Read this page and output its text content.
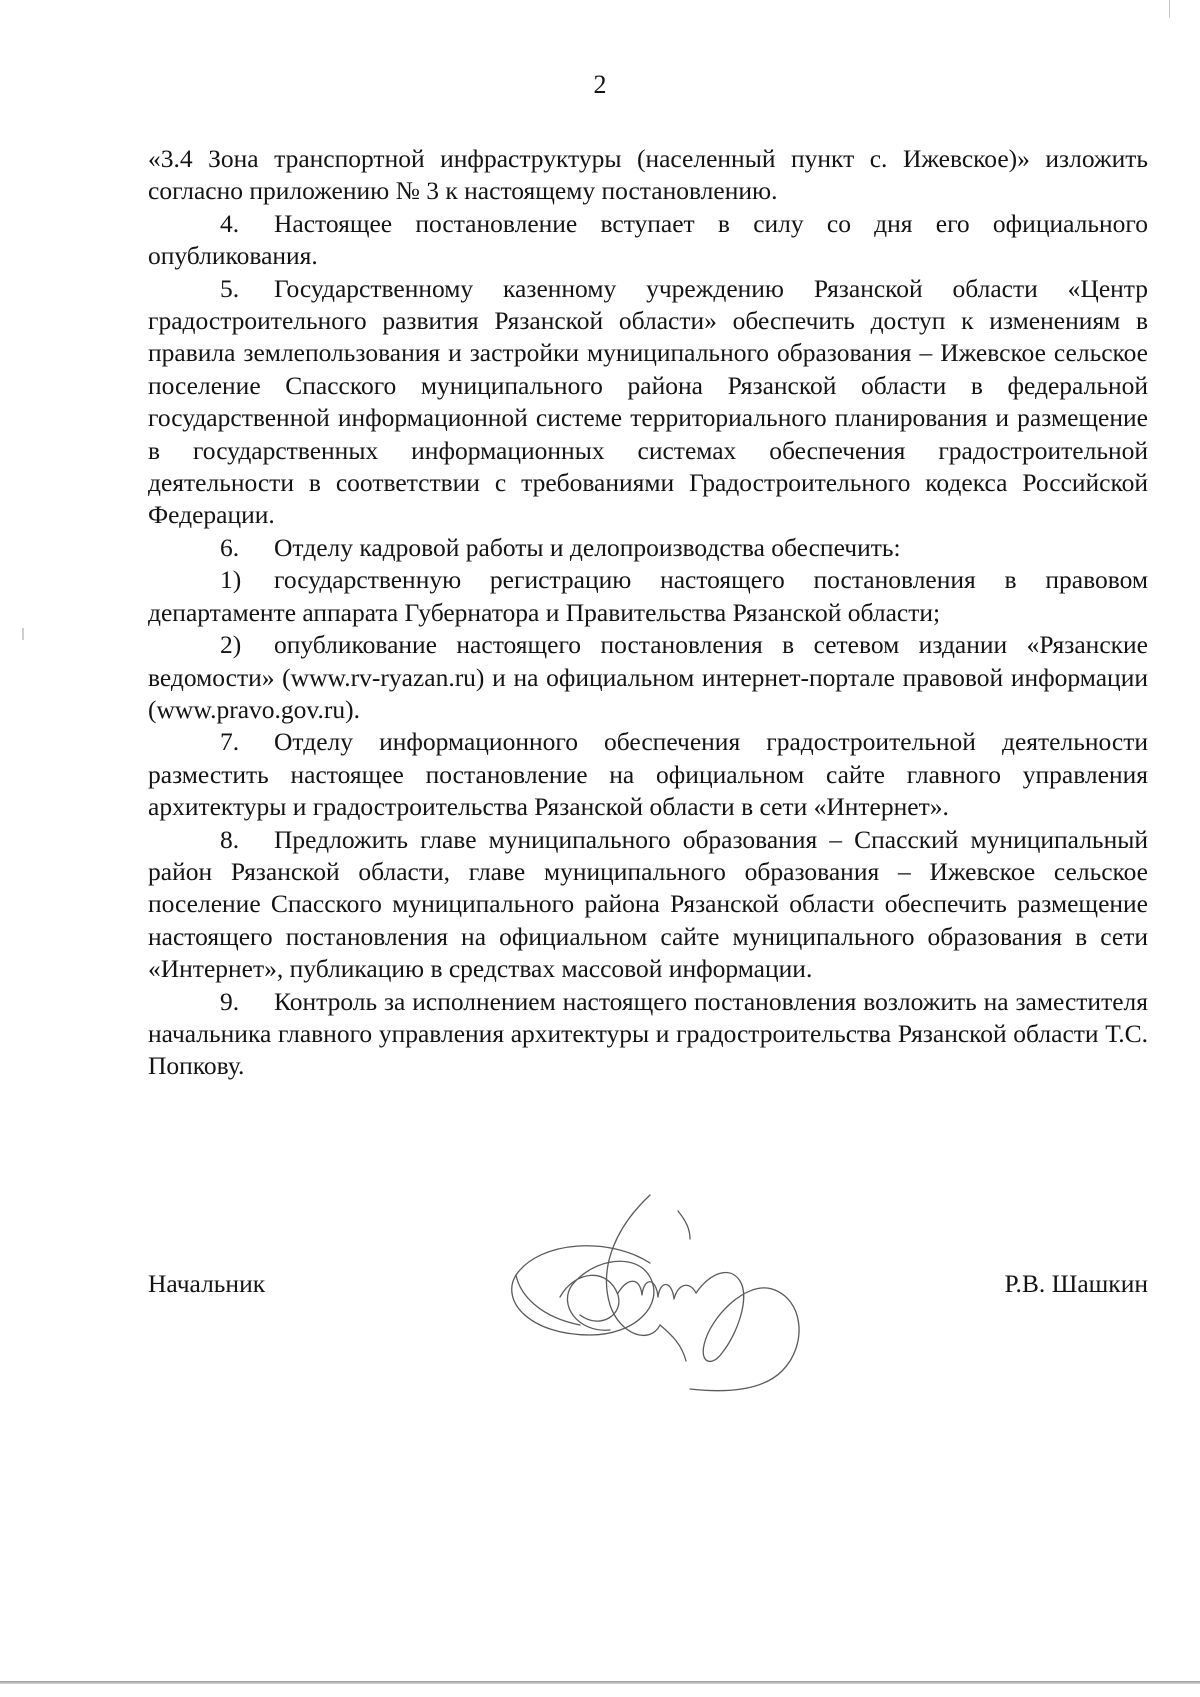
2

«3.4 Зона транспортной инфраструктуры (населенный пункт с. Ижевское)» изложить согласно приложению № 3 к настоящему постановлению.

4. Настоящее постановление вступает в силу со дня его официального опубликования.

5. Государственному казенному учреждению Рязанской области «Центр градостроительного развития Рязанской области» обеспечить доступ к изменениям в правила землепользования и застройки муниципального образования – Ижевское сельское поселение Спасского муниципального района Рязанской области в федеральной государственной информационной системе территориального планирования и размещение в государственных информационных системах обеспечения градостроительной деятельности в соответствии с требованиями Градостроительного кодекса Российской Федерации.

6. Отделу кадровой работы и делопроизводства обеспечить:

1) государственную регистрацию настоящего постановления в правовом департаменте аппарата Губернатора и Правительства Рязанской области;

2) опубликование настоящего постановления в сетевом издании «Рязанские ведомости» (www.rv-ryazan.ru) и на официальном интернет-портале правовой информации (www.pravo.gov.ru).

7. Отделу информационного обеспечения градостроительной деятельности разместить настоящее постановление на официальном сайте главного управления архитектуры и градостроительства Рязанской области в сети «Интернет».

8. Предложить главе муниципального образования – Спасский муниципальный район Рязанской области, главе муниципального образования – Ижевское сельское поселение Спасского муниципального района Рязанской области обеспечить размещение настоящего постановления на официальном сайте муниципального образования в сети «Интернет», публикацию в средствах массовой информации.

9. Контроль за исполнением настоящего постановления возложить на заместителя начальника главного управления архитектуры и градостроительства Рязанской области Т.С. Попкову.

Начальник	Р.В. Шашкин
